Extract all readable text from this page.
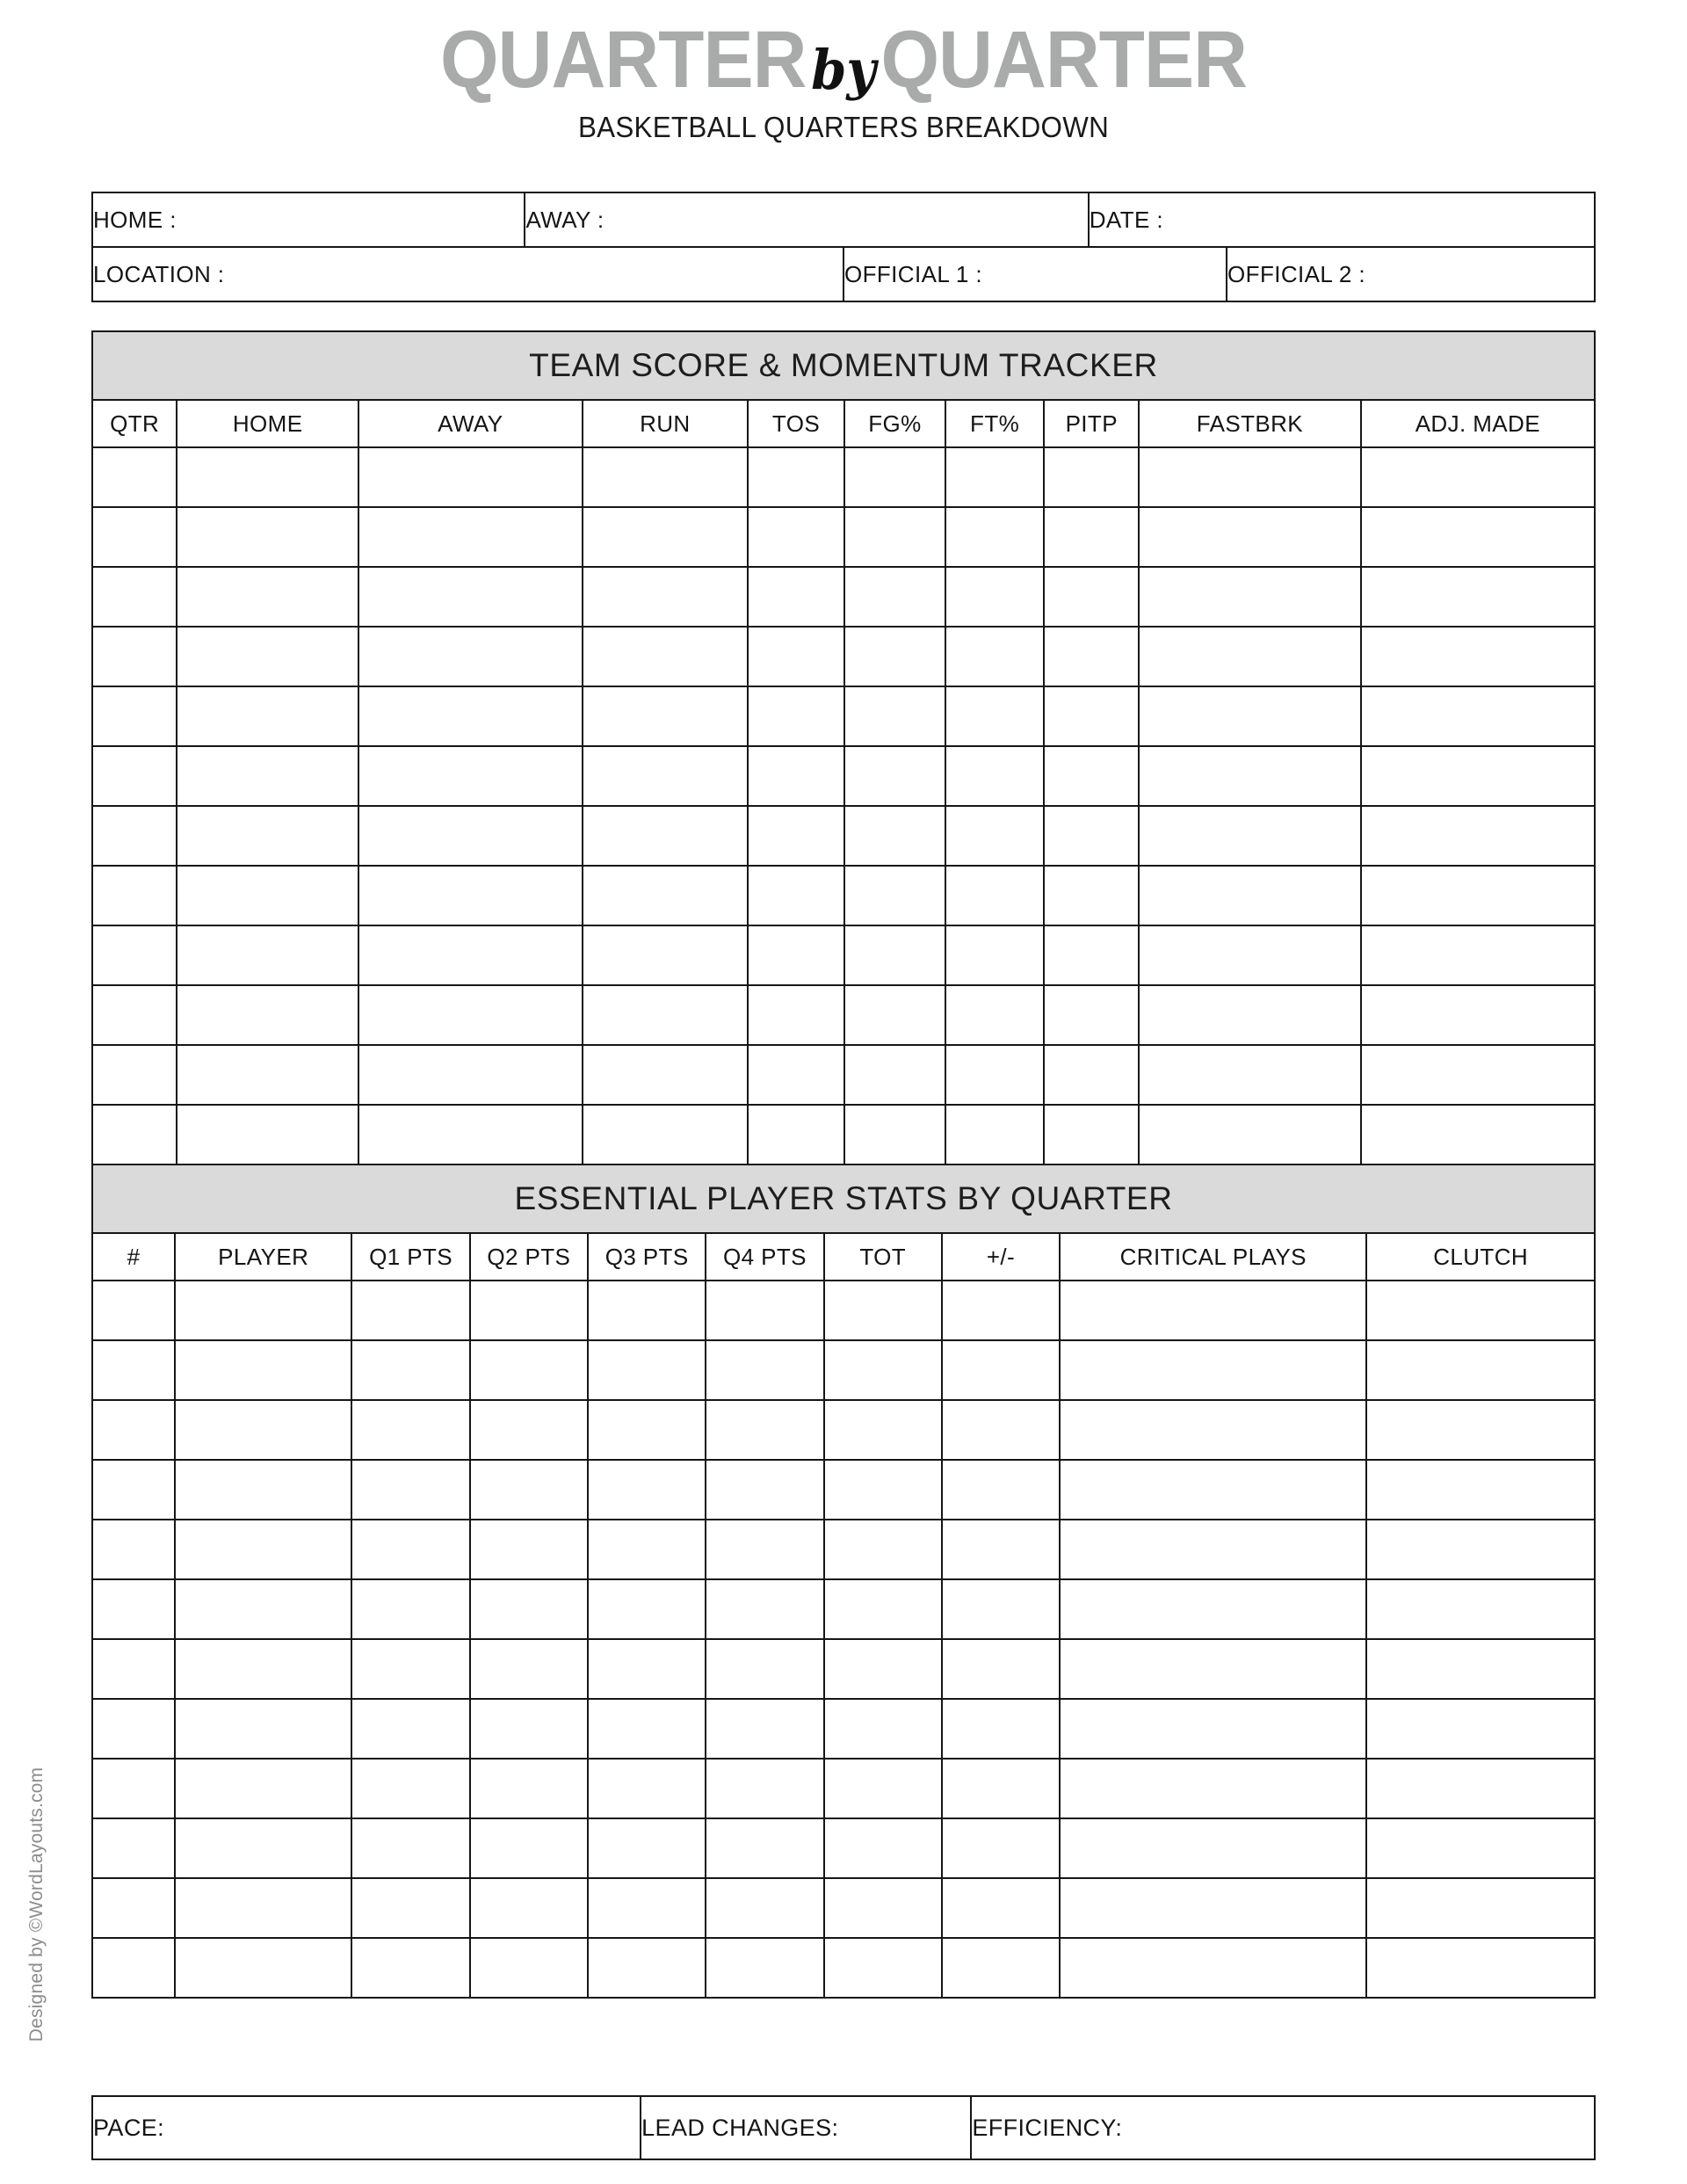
QUARTERbyQUARTER
BASKETBALL QUARTERS BREAKDOWN
HOME :	AWAY :	DATE :
LOCATION :	OFFICIAL 1 :	OFFICIAL 2 :
TEAM SCORE & MOMENTUM TRACKER									
QTR	HOME	AWAY	RUN	TOS	FG%	FT%	PITP	FASTBRK	ADJ. MADE

ESSENTIAL PLAYER STATS BY QUARTER									
#	PLAYER	Q1 PTS	Q2 PTS	Q3 PTS	Q4 PTS	TOT	+/-	CRITICAL PLAYS	CLUTCH

PACE:	LEAD CHANGES:	EFFICIENCY:
Designed by ©WordLayouts.com
